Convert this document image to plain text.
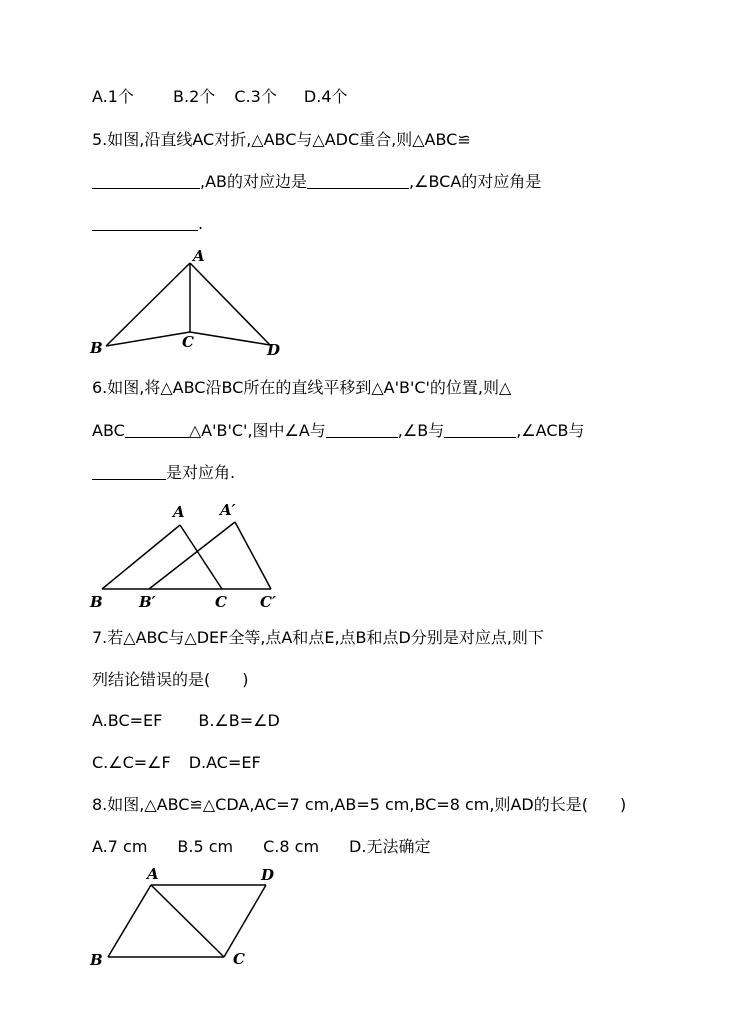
A.1个 B.2个 C.3个 D.4个
5.如图,沿直线AC对折,△ABC与△ADC重合,则△ABC≌
,AB的对应边是	,∠BCA的对应角是
.
A
B	C	D
6.如图,将△ABC沿BC所在的直线平移到△A'B'C'的位置,则△
ABC	△A'B'C',图中∠A与	,∠B与	,∠ACB与
是对应角.
A A′
B B′	C C′
7.若△ABC与△DEF全等,点A和点E,点B和点D分别是对应点,则下
列结论错误的是(　　)
A.BC=EF B.∠B=∠D
C.∠C=∠F D.AC=EF
8.如图,△ABC≌△CDA,AC=7 cm,AB=5 cm,BC=8 cm,则AD的长是(　　)
A.7 cm B.5 cm C.8 cm D.无法确定
A
B	C
D
